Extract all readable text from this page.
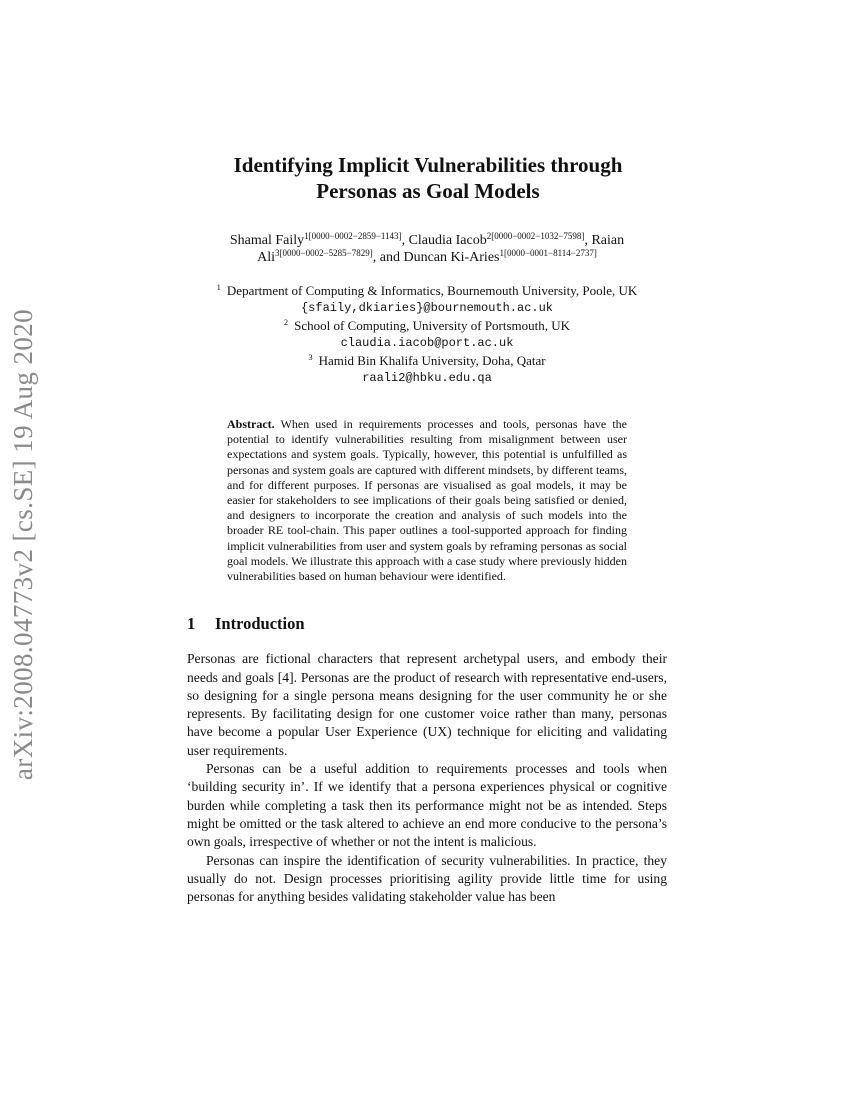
arXiv:2008.04773v2 [cs.SE] 19 Aug 2020
Identifying Implicit Vulnerabilities through
Personas as Goal Models
Shamal Faily$^{1[0000-0002-2859-1143]}$, Claudia Iacob$^{2[0000-0002-1032-7598]}$, Raian
Ali$^{3[0000-0002-5285-7829]}$, and Duncan Ki-Aries$^{1[0000-0001-8114-2737]}$
$^1$ Department of Computing & Informatics, Bournemouth University, Poole, UK
{sfaily,dkiaries}@bournemouth.ac.uk
$^2$ School of Computing, University of Portsmouth, UK
claudia.iacob@port.ac.uk
$^3$ Hamid Bin Khalifa University, Doha, Qatar
raali2@hbku.edu.qa
Abstract. When used in requirements processes and tools, personas have the potential to identify vulnerabilities resulting from misalignment between user expectations and system goals. Typically, however, this potential is unfulfilled as personas and system goals are captured with different mindsets, by different teams, and for different purposes. If personas are visualised as goal models, it may be easier for stakeholders to see implications of their goals being satisfied or denied, and designers to incorporate the creation and analysis of such models into the broader RE tool-chain. This paper outlines a tool-supported approach for finding implicit vulnerabilities from user and system goals by reframing personas as social goal models. We illustrate this approach with a case study where previously hidden vulnerabilities based on human behaviour were identified.
1	Introduction

Personas are fictional characters that represent archetypal users, and embody their needs and goals [4]. Personas are the product of research with representative end-users, so designing for a single persona means designing for the user community he or she represents. By facilitating design for one customer voice rather than many, personas have become a popular User Experience (UX) technique for eliciting and validating user requirements.

Personas can be a useful addition to requirements processes and tools when ‘building security in’. If we identify that a persona experiences physical or cognitive burden while completing a task then its performance might not be as intended. Steps might be omitted or the task altered to achieve an end more conducive to the persona’s own goals, irrespective of whether or not the intent is malicious.

Personas can inspire the identification of security vulnerabilities. In practice, they usually do not. Design processes prioritising agility provide little time for using personas for anything besides validating stakeholder value has been
